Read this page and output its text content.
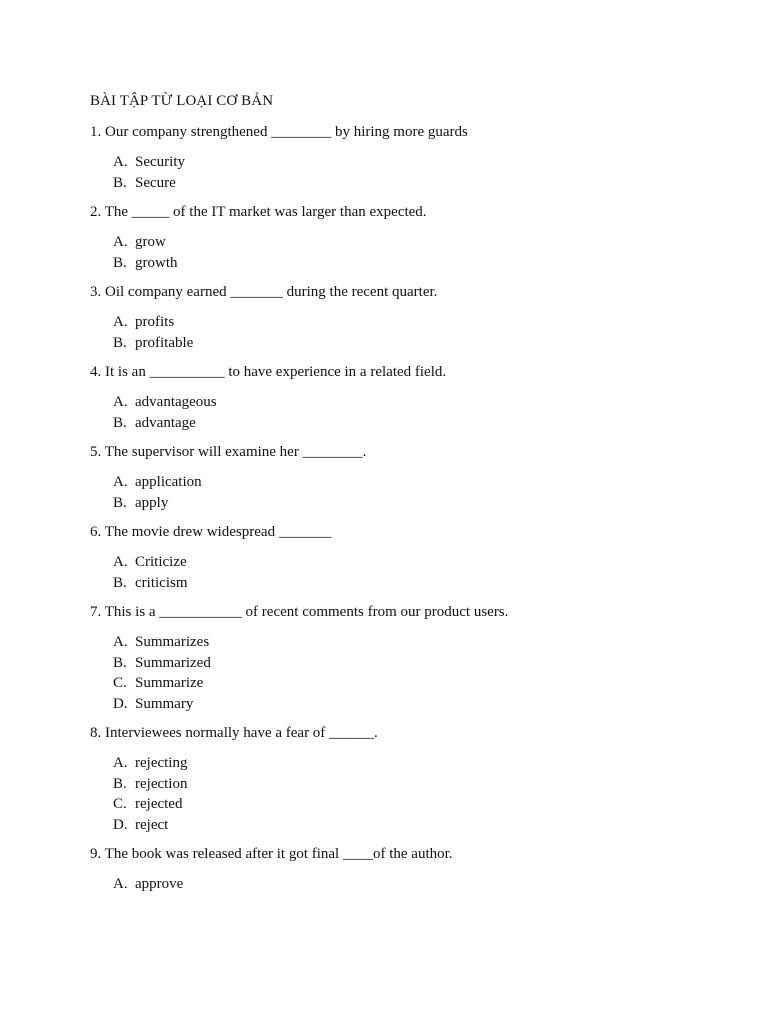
BÀI TẬP TỪ LOẠI CƠ BẢN
1. Our company strengthened ________ by hiring more guards
A. Security
B. Secure
2. The _____ of the IT market was larger than expected.
A. grow
B. growth
3. Oil company earned _______ during the recent quarter.
A. profits
B. profitable
4. It is an __________ to have experience in a related field.
A. advantageous
B. advantage
5. The supervisor will examine her ________.
A. application
B. apply
6. The movie drew widespread _______
A. Criticize
B. criticism
7. This is a ___________ of recent comments from our product users.
A. Summarizes
B. Summarized
C. Summarize
D. Summary
8. Interviewees normally have a fear of ______.
A. rejecting
B. rejection
C. rejected
D. reject
9. The book was released after it got final ____of the author.
A. approve
